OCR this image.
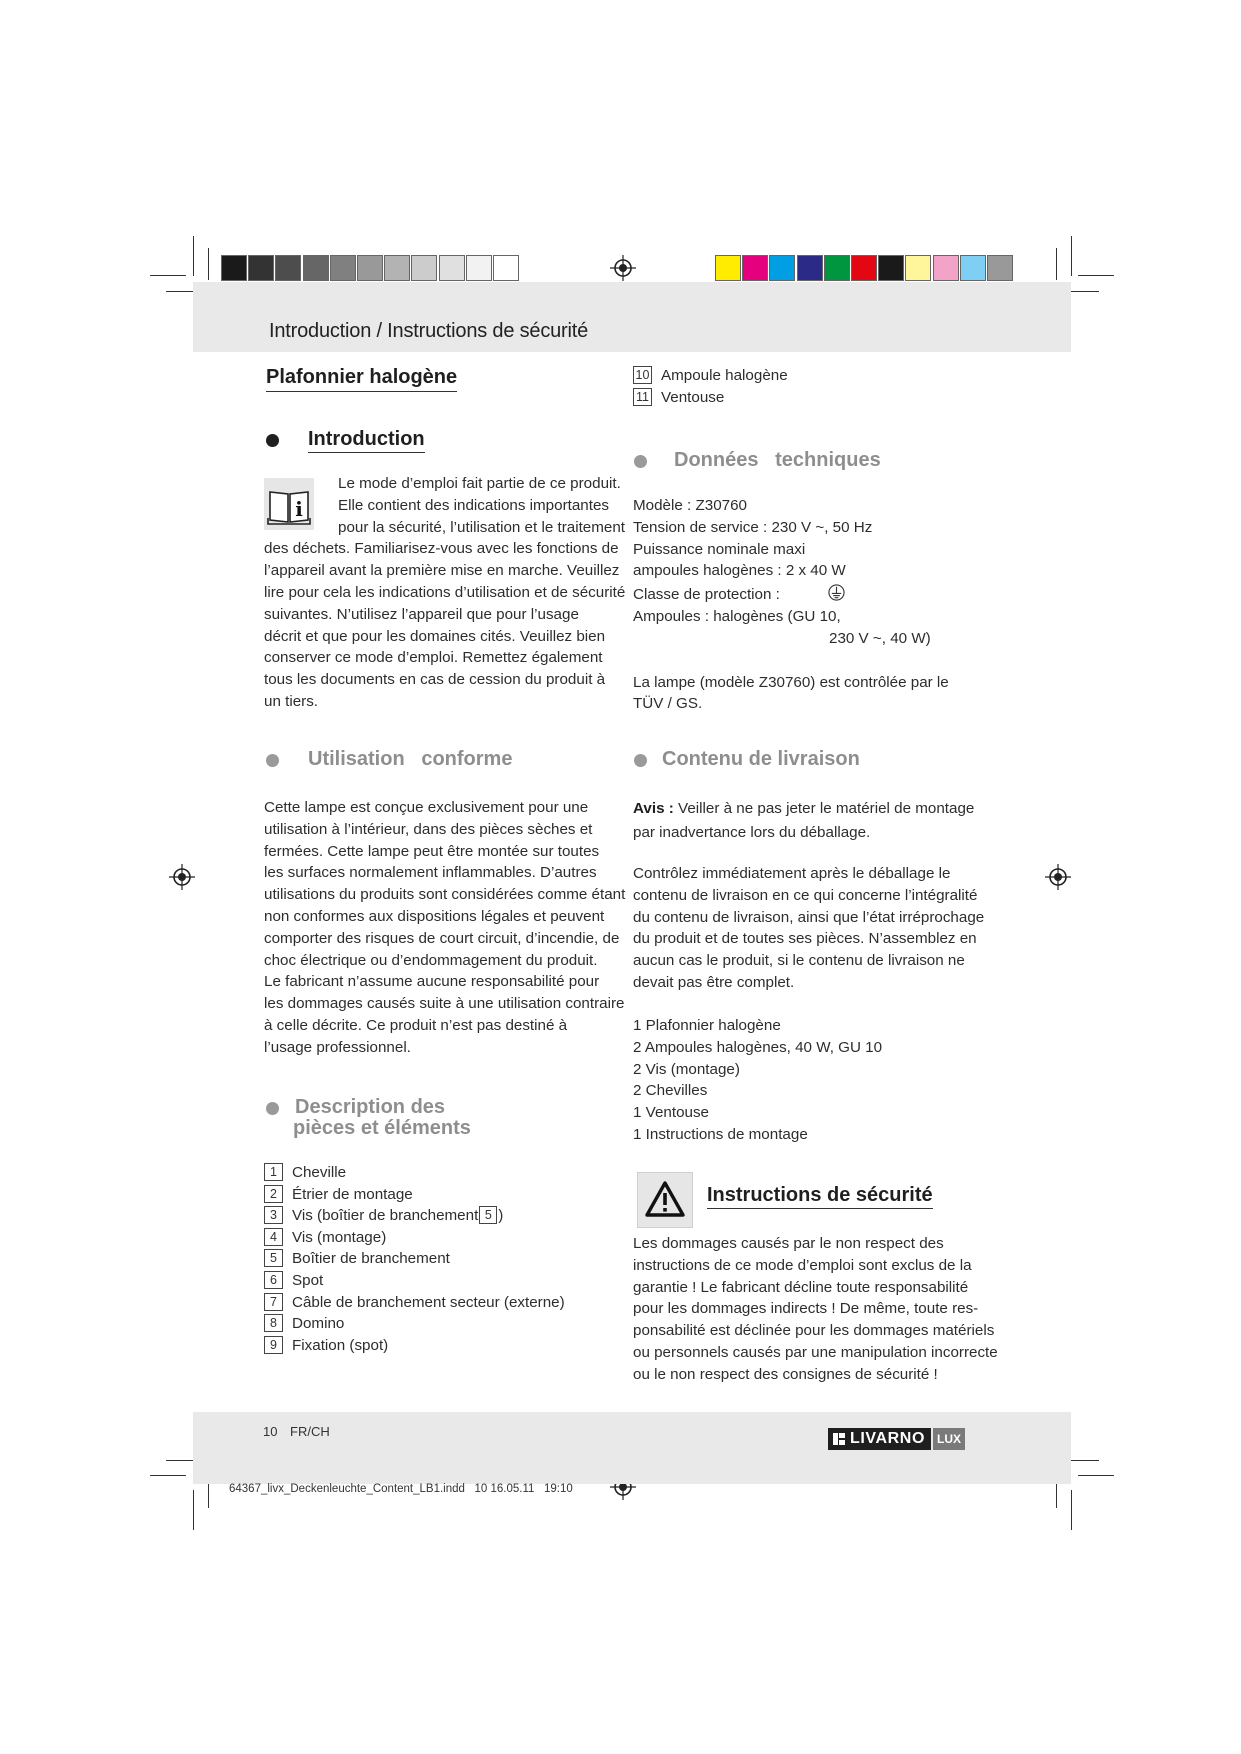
Introduction / Instructions de sécurité
Plafonnier halogène
Introduction
i
Le mode d’emploi fait partie de ce produit.
Elle contient des indications importantes
pour la sécurité, l’utilisation et le traitement
des déchets. Familiarisez-vous avec les fonctions de
l’appareil avant la première mise en marche. Veuillez
lire pour cela les indications d’utilisation et de sécurité
suivantes. N’utilisez l’appareil que pour l’usage
décrit et que pour les domaines cités. Veuillez bien
conserver ce mode d’emploi. Remettez également
tous les documents en cas de cession du produit à
un tiers.
Utilisation   conforme
Cette lampe est conçue exclusivement pour une
utilisation à l’intérieur, dans des pièces sèches et
fermées. Cette lampe peut être montée sur toutes
les surfaces normalement inflammables. D’autres
utilisations du produits sont considérées comme étant
non conformes aux dispositions légales et peuvent
comporter des risques de court circuit, d’incendie, de
choc électrique ou d’endommagement du produit.
Le fabricant n’assume aucune responsabilité pour
les dommages causés suite à une utilisation contraire
à celle décrite. Ce produit n’est pas destiné à
l’usage professionnel.
Description des
pièces et éléments
1 Cheville
2 Étrier de montage
3 Vis (boîtier de branchement 5 )
4 Vis (montage)
5 Boîtier de branchement
6 Spot
7 Câble de branchement secteur (externe)
8 Domino
9 Fixation (spot)
10 Ampoule halogène
11 Ventouse
Données   techniques
Modèle : Z30760
Tension de service : 230 V ~, 50 Hz
Puissance nominale maxi
ampoules halogènes : 2 x 40 W
Classe de protection :
Ampoules : halogènes (GU 10,
230 V ~, 40 W)
La lampe (modèle Z30760) est contrôlée par le
TÜV / GS.
Contenu de livraison
Avis : Veiller à ne pas jeter le matériel de montage
par inadvertance lors du déballage.
Contrôlez immédiatement après le déballage le
contenu de livraison en ce qui concerne l’intégralité
du contenu de livraison, ainsi que l’état irréprochage
du produit et de toutes ses pièces. N’assemblez en
aucun cas le produit, si le contenu de livraison ne
devait pas être complet.
1 Plafonnier halogène
2 Ampoules halogènes, 40 W, GU 10
2 Vis (montage)
2 Chevilles
1 Ventouse
1 Instructions de montage
Instructions de sécurité
Les dommages causés par le non respect des
instructions de ce mode d’emploi sont exclus de la
garantie ! Le fabricant décline toute responsabilité
pour les dommages indirects ! De même, toute res-
ponsabilité est déclinée pour les dommages matériels
ou personnels causés par une manipulation incorrecte
ou le non respect des consignes de sécurité !
10 FR/CH	LIVARNO	LUX
64367_livx_Deckenleuchte_Content_LB1.indd   10 16.05.11   19:10
